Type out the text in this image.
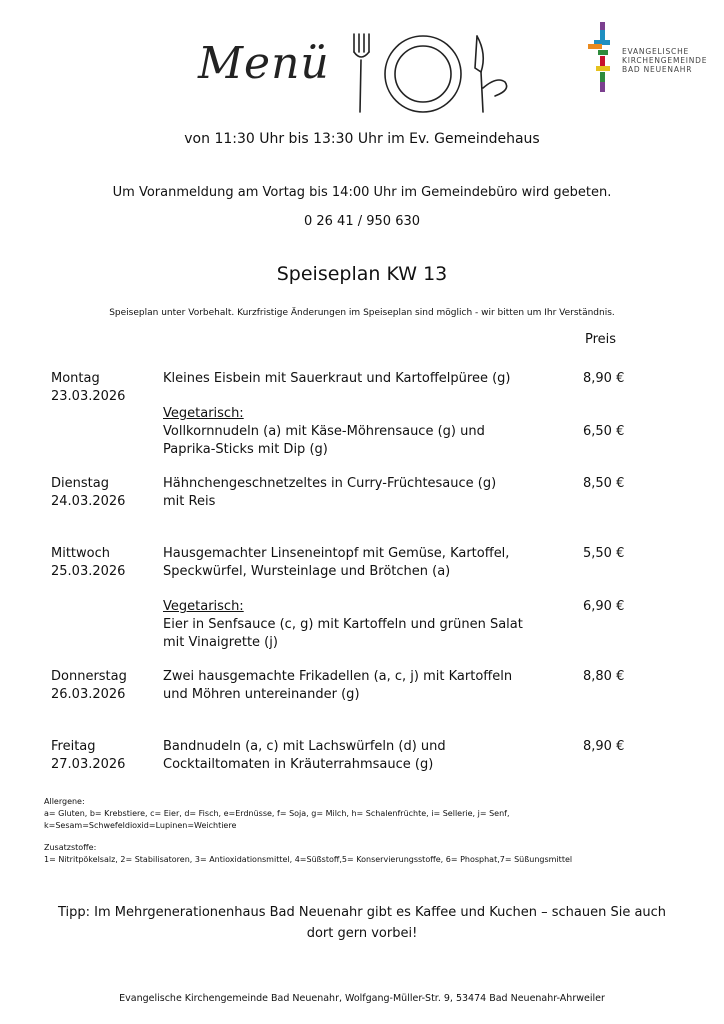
Menü	EVANGELISCHE
KIRCHENGEMEINDE
BAD NEUENAHR
von 11:30 Uhr bis 13:30 Uhr im Ev. Gemeindehaus
Um Voranmeldung am Vortag bis 14:00 Uhr im Gemeindebüro wird gebeten.
0 26 41 / 950 630
Speiseplan KW 13
Speiseplan unter Vorbehalt. Kurzfristige Änderungen im Speiseplan sind möglich - wir bitten um Ihr Verständnis.
Preis
Montag
23.03.2026
Kleines Eisbein mit Sauerkraut und Kartoffelpüree (g)	8,90 €
Vegetarisch:
Vollkornnudeln (a) mit Käse-Möhrensauce (g) und
Paprika-Sticks mit Dip (g)
6,50 €
Dienstag
24.03.2026
Hähnchengeschnetzeltes in Curry-Früchtesauce (g)
mit Reis
8,50 €
Mittwoch
25.03.2026
Hausgemachter Linseneintopf mit Gemüse, Kartoffel,
Speckwürfel, Wursteinlage und Brötchen (a)
5,50 €
Vegetarisch:
Eier in Senfsauce (c, g) mit Kartoffeln und grünen Salat
mit Vinaigrette (j)
6,90 €
Donnerstag
26.03.2026
Zwei hausgemachte Frikadellen (a, c, j) mit Kartoffeln
und Möhren untereinander (g)
8,80 €
Freitag
27.03.2026
Bandnudeln (a, c) mit Lachswürfeln (d) und
Cocktailtomaten in Kräuterrahmsauce (g)
8,90 €
Allergene:
a= Gluten, b= Krebstiere, c= Eier, d= Fisch, e=Erdnüsse, f= Soja, g= Milch, h= Schalenfrüchte, i= Sellerie, j= Senf,
k=Sesam=Schwefeldioxid=Lupinen=Weichtiere
Zusatzstoffe:
1= Nitritpökelsalz, 2= Stabilisatoren, 3= Antioxidationsmittel, 4=Süßstoff,5= Konservierungsstoffe, 6= Phosphat,7= Süßungsmittel
Tipp: Im Mehrgenerationenhaus Bad Neuenahr gibt es Kaffee und Kuchen – schauen Sie auch
dort gern vorbei!
Evangelische Kirchengemeinde Bad Neuenahr, Wolfgang-Müller-Str. 9, 53474 Bad Neuenahr-Ahrweiler
